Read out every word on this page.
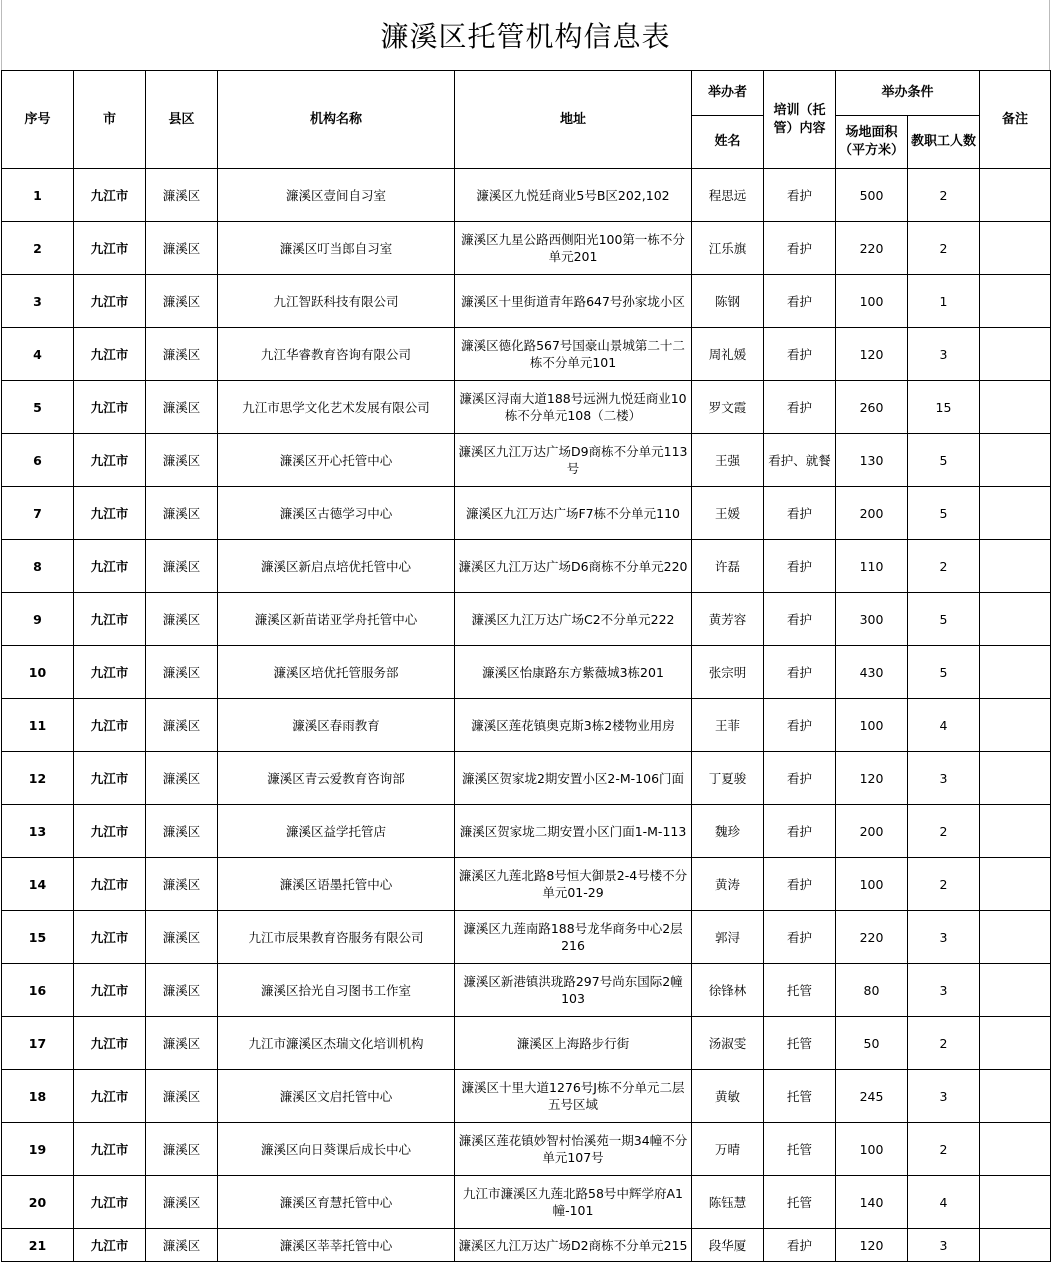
濂溪区托管机构信息表
序号	市	县区	机构名称	地址	举办者	培训（托管）内容	举办条件		备注
					姓名		场地面积（平方米）	教职工人数	
1	九江市	濂溪区	濂溪区壹间自习室	濂溪区九悦廷商业5号B区202,102	程思远	看护	500	2	
2	九江市	濂溪区	濂溪区叮当郎自习室	濂溪区九星公路西侧阳光100第一栋不分单元201	江乐旗	看护	220	2	
3	九江市	濂溪区	九江智跃科技有限公司	濂溪区十里街道青年路647号孙家垅小区	陈钢	看护	100	1	
4	九江市	濂溪区	九江华睿教育咨询有限公司	濂溪区德化路567号国豪山景城第二十二栋不分单元101	周礼媛	看护	120	3	
5	九江市	濂溪区	九江市思学文化艺术发展有限公司	濂溪区浔南大道188号远洲九悦廷商业10栋不分单元108（二楼）	罗文霞	看护	260	15	
6	九江市	濂溪区	濂溪区开心托管中心	濂溪区九江万达广场D9商栋不分单元113号	王强	看护、就餐	130	5	
7	九江市	濂溪区	濂溪区古德学习中心	濂溪区九江万达广场F7栋不分单元110	王媛	看护	200	5	
8	九江市	濂溪区	濂溪区新启点培优托管中心	濂溪区九江万达广场D6商栋不分单元220	许磊	看护	110	2	
9	九江市	濂溪区	濂溪区新苗诺亚学舟托管中心	濂溪区九江万达广场C2不分单元222	黄芳容	看护	300	5	
10	九江市	濂溪区	濂溪区培优托管服务部	濂溪区怡康路东方紫薇城3栋201	张宗明	看护	430	5	
11	九江市	濂溪区	濂溪区春雨教育	濂溪区莲花镇奥克斯3栋2楼物业用房	王菲	看护	100	4	
12	九江市	濂溪区	濂溪区青云爱教育咨询部	濂溪区贺家垅2期安置小区2-M-106门面	丁夏骏	看护	120	3	
13	九江市	濂溪区	濂溪区益学托管店	濂溪区贺家垅二期安置小区门面1-M-113	魏珍	看护	200	2	
14	九江市	濂溪区	濂溪区语墨托管中心	濂溪区九莲北路8号恒大御景2-4号楼不分单元01-29	黄涛	看护	100	2	
15	九江市	濂溪区	九江市辰果教育咨服务有限公司	濂溪区九莲南路188号龙华商务中心2层216	郭浔	看护	220	3	
16	九江市	濂溪区	濂溪区拾光自习图书工作室	濂溪区新港镇洪珑路297号尚东国际2幢103	徐锋林	托管	80	3	
17	九江市	濂溪区	九江市濂溪区杰瑞文化培训机构	濂溪区上海路步行街	汤淑雯	托管	50	2	
18	九江市	濂溪区	濂溪区文启托管中心	濂溪区十里大道1276号J栋不分单元二层五号区域	黄敏	托管	245	3	
19	九江市	濂溪区	濂溪区向日葵课后成长中心	濂溪区莲花镇妙智村怡溪苑一期34幢不分单元107号	万晴	托管	100	2	
20	九江市	濂溪区	濂溪区育慧托管中心	九江市濂溪区九莲北路58号中辉学府A1幢-101	陈钰慧	托管	140	4	
21	九江市	濂溪区	濂溪区莘莘托管中心	濂溪区九江万达广场D2商栋不分单元215	段华厦	看护	120	3	
